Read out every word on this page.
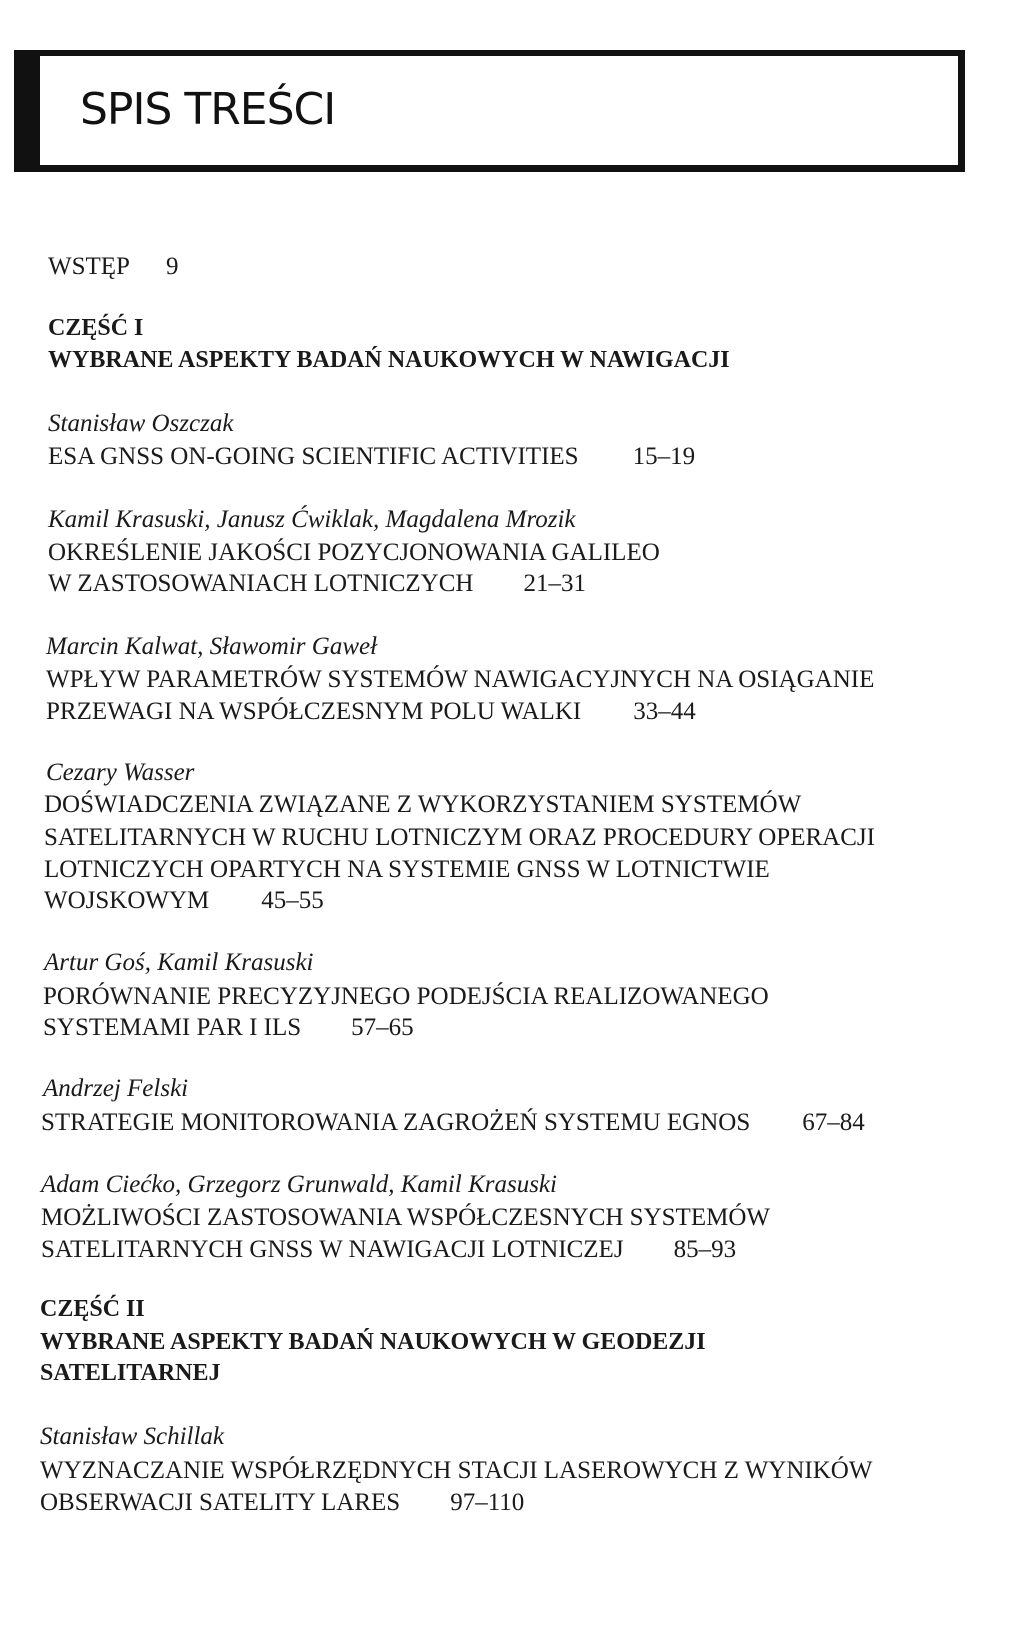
SPIS TREŚCI
WSTĘP 9
CZĘŚĆ I
WYBRANE ASPEKTY BADAŃ NAUKOWYCH W NAWIGACJI
Stanisław Oszczak
ESA GNSS ON-GOING SCIENTIFIC ACTIVITIES 15–19
Kamil Krasuski, Janusz Ćwiklak, Magdalena Mrozik
OKREŚLENIE JAKOŚCI POZYCJONOWANIA GALILEO
W ZASTOSOWANIACH LOTNICZYCH 21–31
Marcin Kalwat, Sławomir Gaweł
WPŁYW PARAMETRÓW SYSTEMÓW NAWIGACYJNYCH NA OSIĄGANIE
PRZEWAGI NA WSPÓŁCZESNYM POLU WALKI 33–44
Cezary Wasser
DOŚWIADCZENIA ZWIĄZANE Z WYKORZYSTANIEM SYSTEMÓW
SATELITARNYCH W RUCHU LOTNICZYM ORAZ PROCEDURY OPERACJI
LOTNICZYCH OPARTYCH NA SYSTEMIE GNSS W LOTNICTWIE
WOJSKOWYM 45–55
Artur Goś, Kamil Krasuski
PORÓWNANIE PRECYZYJNEGO PODEJŚCIA REALIZOWANEGO
SYSTEMAMI PAR I ILS 57–65
Andrzej Felski
STRATEGIE MONITOROWANIA ZAGROŻEŃ SYSTEMU EGNOS 67–84
Adam Ciećko, Grzegorz Grunwald, Kamil Krasuski
MOŻLIWOŚCI ZASTOSOWANIA WSPÓŁCZESNYCH SYSTEMÓW
SATELITARNYCH GNSS W NAWIGACJI LOTNICZEJ 85–93
CZĘŚĆ II
WYBRANE ASPEKTY BADAŃ NAUKOWYCH W GEODEZJI
SATELITARNEJ
Stanisław Schillak
WYZNACZANIE WSPÓŁRZĘDNYCH STACJI LASEROWYCH Z WYNIKÓW
OBSERWACJI SATELITY LARES 97–110
